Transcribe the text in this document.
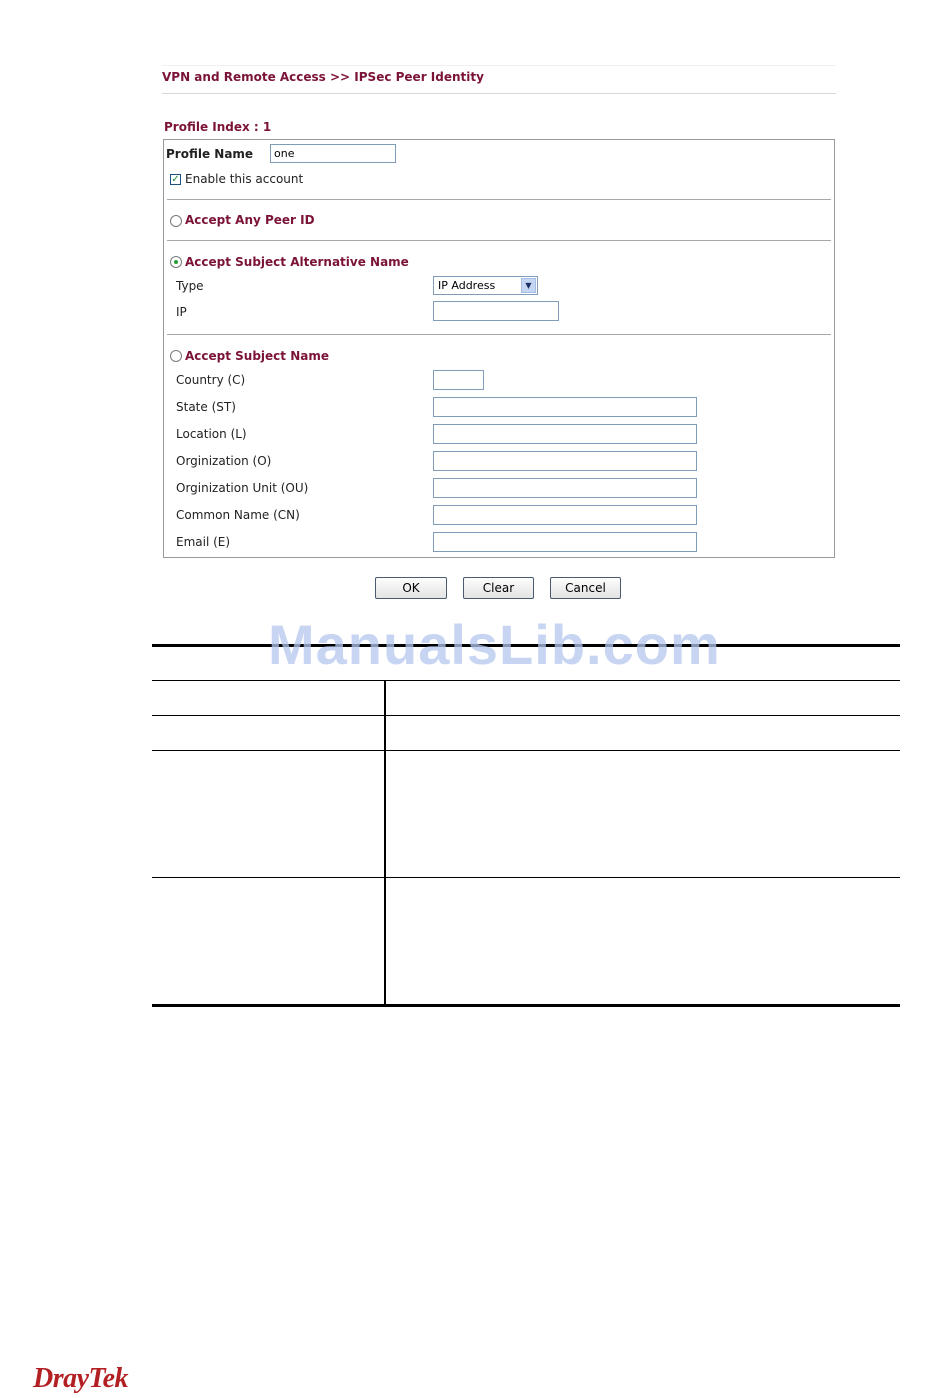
VPN and Remote Access >> IPSec Peer Identity
Profile Index : 1
Profile Name
one
✓ Enable this account
Accept Any Peer ID
Accept Subject Alternative Name
Type	IP Address	▼
IP
Accept Subject Name
Country (C)
State (ST)
Location (L)
Orginization (O)
Orginization Unit (OU)
Common Name (CN)
Email (E)
OK	Clear	Cancel
ManualsLib.com
DrayTek
